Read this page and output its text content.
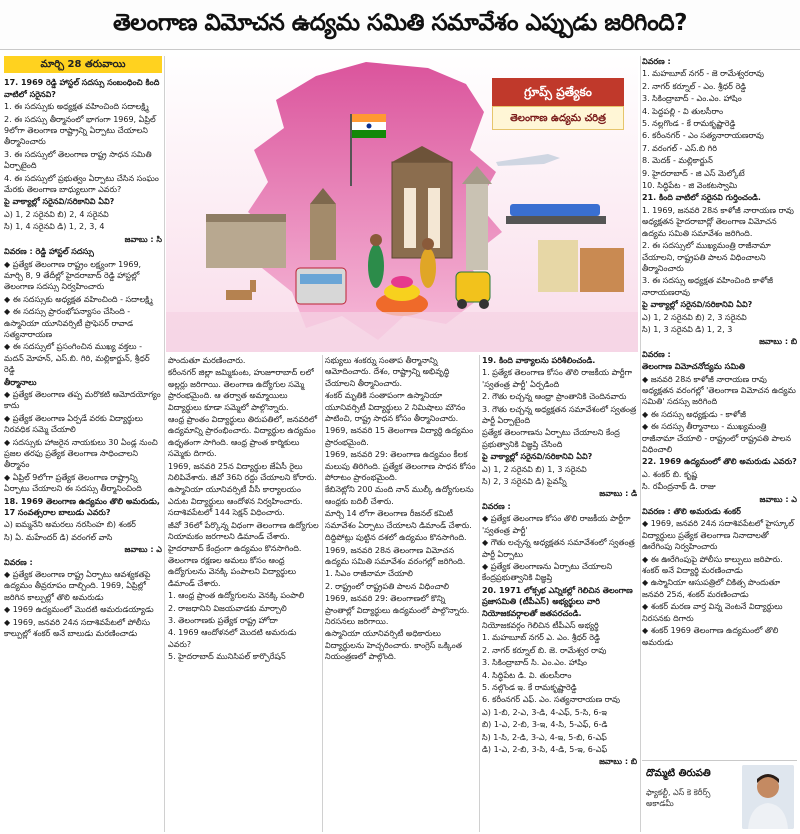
తెలంగాణ విమోచన ఉద్యమ సమితి సమావేశం ఎప్పుడు జరిగింది?
మార్చి 28 తరువాయి

17. 1969 రెడ్డి హాస్టల్ సదస్సు సంబంధించి కింది వాటిలో సరైనవి?

1. ఈ సదస్సుకు అధ్యక్షత వహించింది సదాలక్ష్మి

2. ఈ సదస్సు తీర్మానంలో భాగంగా 1969, ఏప్రిల్ 9లోగా తెలంగాణ రాష్ట్రాన్ని ఏర్పాటు చేయాలని తీర్మానించారు

3. ఈ సదస్సులో తెలంగాణ రాష్ట్ర సాధన సమితి ఏర్పాటైంది

4. ఈ సదస్సులో ప్రభుత్వం ఏర్పాటు చేసిన సంఘం మేరకు తెలంగాణ బాధ్యులుగా ఎవరు?

పై వాక్యాల్లో సరైనవి/సరికానివి ఏవి?

ఎ) 1, 2 సరైనవి బి) 2, 4 సరైనవి

సి) 1, 4 సరైనవి డి) 1, 2, 3, 4

జవాబు : సి

వివరణ : రెడ్డి హాస్టల్ సదస్సు

◆ ప్రత్యేక తెలంగాణ రాష్ట్రం లక్ష్యంగా 1969, మార్చి 8, 9 తేదీల్లో హైదరాబాద్ రెడ్డి హాస్టల్లో తెలంగాణ సదస్సు నిర్వహించారు

◆ ఈ సదస్సుకు అధ్యక్షత వహించింది - సదాలక్ష్మి

◆ ఈ సదస్సు ప్రారంభోపన్యాసం చేసింది - ఉస్మానియా యూనివర్సిటీ ప్రొఫెసర్ రావాడ సత్యనారాయణ

◆ ఈ సదస్సులో ప్రసంగించిన ముఖ్య వక్తలు - మదన్ మోహన్, ఎస్.బి. గిరి, మల్లికార్జున్, శ్రీధర్ రెడ్డి

తీర్మానాలు

◆ ప్రత్యేక తెలంగాణ తప్ప మరొకటి ఆమోదయోగ్యం కాదు

◆ ప్రత్యేక తెలంగాణ ఏర్పడే వరకు విద్యార్థులు నిరవధిక సమ్మె చేయాలి

◆ సదస్సుకు హాజరైన నాయకులు 30 ఏండ్ల నుంచి ప్రజల తరఫు ప్రత్యేక తెలంగాణ సాధించాలని తీర్మానం

◆ ఏప్రిల్ 9లోగా ప్రత్యేక తెలంగాణ రాష్ట్రాన్ని ఏర్పాటు చేయాలని ఈ సదస్సు తీర్మానించింది

18. 1969 తెలంగాణ ఉద్యమం తొలి అమరుడు, 17 సంవత్సరాల బాలుడు ఎవరు?

ఎ) ఐమ్మనేని అమరలు నరసింహ బి) శంకర్

సి) ఏ. మహేందర్ డి) వరంగల్ వాసి

జవాబు : ఎ

వివరణ :

◆ ప్రత్యేక తెలంగాణ రాష్ట్ర ఏర్పాటు ఆవశ్యకతపై ఉద్యమం తీవ్రరూపం దాల్చింది. 1969, ఏప్రిల్లో జరిగిన కాల్పుల్లో తొలి అమరుడు

◆ 1969 ఉద్యమంలో మొదటి అమరుడయ్యాడు

◆ 1969, జనవరి 24న సదాశివపేటలో పోలీసు కాల్పుల్లో శంకర్ అనే బాలుడు మరణించాడు

గ్రూప్స్ ప్రత్యేకం
తెలంగాణ ఉద్యమ చరిత్ర

పొందుతూ మరణించారు.

కరీంనగర్ జిల్లా జమ్మికుంట, హుజూరాబాద్ లలో అల్లర్లు జరిగాయి. తెలంగాణ ఉద్యోగుల సమ్మె ప్రారంభమైంది. ఆ తర్వాత అమ్మాయిలు విద్యార్థులు కూడా సమ్మెలో పాల్గొన్నారు.

ఆంధ్ర ప్రాంతం విద్యార్థులు తిరుపతిలో, జనవరిలో ఉద్యమాన్ని ప్రారంభించారు. విద్యార్థుల ఉద్యమం ఉధృతంగా సాగింది. ఆంధ్ర ప్రాంత కార్మికులు సమ్మెకు దిగారు.

1969, జనవరి 25న విద్యార్థుల జేఏసీ రైలు నిలిపివేశారు. జీవో 36ని రద్దు చేయాలని కోరారు.

ఉస్మానియా యూనివర్సిటీ వీసీ కార్యాలయం ఎదుట విద్యార్థులు ఆందోళన నిర్వహించారు. సదాశివపేటలో 144 సెక్షన్ విధించారు.

జీవో 36లో పేర్కొన్న విధంగా తెలంగాణ ఉద్యోగుల నియామకం జరగాలని డిమాండ్ చేశారు. హైదరాబాద్ కేంద్రంగా ఉద్యమం కొనసాగింది.

తెలంగాణ రక్షణల అమలు కోసం ఆంధ్ర ఉద్యోగులను వెనక్కి పంపాలని విద్యార్థులు డిమాండ్ చేశారు.

1. ఆంధ్ర ప్రాంత ఉద్యోగులను వెనక్కి పంపాలి

2. రాజధానిని విజయవాడకు మార్చాలి

3. తెలంగాణకు ప్రత్యేక రాష్ట్ర హోదా

4. 1969 ఆందోళనలో మొదటి అమరుడు ఎవరు?

5. హైదరాబాద్ మునిసిపల్ కార్పొరేషన్

సభ్యులు శంకర్ను సంతాప తీర్మానాన్ని ఆమోదించారు. దేశం, రాష్ట్రాన్ని అభివృద్ధి చేయాలని తీర్మానించారు.

శంకర్ మృతికి సంతాపంగా ఉస్మానియా యూనివర్సిటీ విద్యార్థులు 2 నిమిషాలు మౌనం పాటించి, రాష్ట్ర సాధన కోసం తీర్మానించారు.

1969, జనవరి 15 తెలంగాణ విద్యార్థి ఉద్యమం ప్రారంభమైంది.

1969, జనవరి 29: తెలంగాణ ఉద్యమం కీలక మలుపు తిరిగింది. ప్రత్యేక తెలంగాణ సాధన కోసం పోరాటం ప్రారంభమైంది.

కేబినెట్లోని 200 మంది నాన్ ముల్కీ ఉద్యోగులను ఆంధ్రకు బదిలీ చేశారు.

మార్చి 14 లోగా తెలంగాణ రీజనల్ కమిటీ సమావేశం ఏర్పాటు చేయాలని డిమాండ్ చేశారు.

దిద్దిపోట్లు పుట్టిన దశలో ఉద్యమం కొనసాగింది.

1969, జనవరి 28న తెలంగాణ విమోచన ఉద్యమ సమితి సమావేశం వరంగల్లో జరిగింది.

1. సిఎం రాజీనామా చేయాలి

2. రాష్ట్రంలో రాష్ట్రపతి పాలన విధించాలి

1969, జనవరి 29: తెలంగాణలో కొన్ని ప్రాంతాల్లో విద్యార్థులు ఉద్యమంలో పాల్గొన్నారు. నిరసనలు జరిగాయి.

ఉస్మానియా యూనివర్సిటీ అధికారులు విద్యార్థులను హెచ్చరించారు. కాంగ్రెస్ ఒక్కింత నియంత్రణలో పాల్గొంది.

19. కింది వాక్యాలను పరిశీలించండి.

1. ప్రత్యేక తెలంగాణ కోసం తొలి రాజకీయ పార్టీగా 'స్వతంత్ర పార్టీ' ఏర్పడింది

2. గౌతు లచ్చన్న ఆంధ్రా ప్రాంతానికి చెందినవారు

3. గౌతు లచ్చన్న అధ్యక్షతన సమావేశంలో స్వతంత్ర పార్టీ ఏర్పాటైంది

ప్రత్యేక తెలంగాణను ఏర్పాటు చేయాలని కేంద్ర ప్రభుత్వానికి విజ్ఞప్తి చేసింది

పై వాక్యాల్లో సరైనవి/సరికానివి ఏవి?

ఎ) 1, 2 సరైనవి బి) 1, 3 సరైనవి

సి) 2, 3 సరైనవి డి) పైవన్నీ

జవాబు : డి

వివరణ :

◆ ప్రత్యేక తెలంగాణ కోసం తొలి రాజకీయ పార్టీగా 'స్వతంత్ర పార్టీ'

◆ గౌతు లచ్చన్న అధ్యక్షతన సమావేశంలో స్వతంత్ర పార్టీ ఏర్పాటు

◆ ప్రత్యేక తెలంగాణను ఏర్పాటు చేయాలని కేంద్రప్రభుత్వానికి విజ్ఞప్తి

20. 1971 లోక్సభ ఎన్నికల్లో గెలిచిన తెలంగాణ ప్రజాసమితి (టీపీఎస్) అభ్యర్థులు వారి నియోజకవర్గాలతో జతపరచండి.

నియోజకవర్గం గెలిచిన టీపీఎస్ అభ్యర్థి

1. మహబూబ్ నగర్ ఎ. ఎం. శ్రీధర్ రెడ్డి

2. నాగర్ కర్నూల్ బి. జె. రామేశ్వర రావు

3. సికింద్రాబాద్ సి. ఎం.ఎం. హాషిం

4. సిద్ధిపేట డి. వి. తులసీరాం

5. నల్గొండ ఇ. కే రామకృష్ణారెడ్డి

6. కరీంనగర్ ఎఫ్. ఎం. సత్యనారాయణ రావు

ఎ) 1-బి, 2-ఎ, 3-డి, 4-ఎఫ్, 5-సి, 6-ఇ

బి) 1-ఎ, 2-బి, 3-ఇ, 4-సి, 5-ఎఫ్, 6-డి

సి) 1-సి, 2-డి, 3-ఎ, 4-ఇ, 5-బి, 6-ఎఫ్

డి) 1-ఎ, 2-బి, 3-సి, 4-డి, 5-ఇ, 6-ఎఫ్

జవాబు : బి

వివరణ :

1. మహబూబ్ నగర్ - జె రామేశ్వరరావు

2. నాగర్ కర్నూల్ - ఎం. శ్రీధర్ రెడ్డి

3. సికింద్రాబాద్ - ఎం.ఎం. హాషిం

4. పెద్దపల్లి - వి తులసీరాం

5. నల్లగొండ - కే రామకృష్ణారెడ్డి

6. కరీంనగర్ - ఎం సత్యనారాయణరావు

7. వరంగల్ - ఎస్.బి గిరి

8. మెదక్ - మల్లికార్జున్

9. హైదరాబాద్ - జి ఎస్ మెల్కోటే

10. సిద్ధిపేట - జి వెంకటస్వామి

21. కింది వాటిలో సరైనవి గుర్తించండి.

1. 1969, జనవరి 28న కాళోజీ నారాయణ రావు అధ్యక్షతన హైదరాబాద్లో తెలంగాణ విమోచన ఉద్యమ సమితి సమావేశం జరిగింది.

2. ఈ సదస్సులో ముఖ్యమంత్రి రాజీనామా చేయాలని, రాష్ట్రపతి పాలన విధించాలని తీర్మానించారు

3. ఈ సదస్సు అధ్యక్షత వహించింది కాళోజీ నారాయణరావు

పై వాక్యాల్లో సరైనవి/సరికానివి ఏవి?

ఎ) 1, 2 సరైనవి బి) 2, 3 సరైనవి

సి) 1, 3 సరైనవి డి) 1, 2, 3

జవాబు : బి

వివరణ :

తెలంగాణ విమోచనోద్యమ సమితి

◆ జనవరి 28న కాళోజీ నారాయణ రావు అధ్యక్షతన వరంగల్లో 'తెలంగాణ విమోచన ఉద్యమ సమితి' సదస్సు జరిగింది

◆ ఈ సదస్సు అధ్యక్షుడు - కాళోజీ

◆ ఈ సదస్సు తీర్మానాలు - ముఖ్యమంత్రి రాజీనామా చేయాలి - రాష్ట్రంలో రాష్ట్రపతి పాలన విధించాలి

22. 1969 ఉద్యమంలో తొలి అమరుడు ఎవరు?

ఎ. శంకర్ బి. కృష్ణ

సి. రవీంద్రనాథ్ డి. రాజు

జవాబు : ఎ

వివరణ : తొలి అమరుడు శంకర్

◆ 1969, జనవరి 24న సదాశివపేటలో హైస్కూల్ విద్యార్థులు ప్రత్యేక తెలంగాణ నినాదాలతో ఊరేగింపు నిర్వహించారు

◆ ఈ ఊరేగింపుపై పోలీసు కాల్పులు జరిపారు. శంకర్ అనే విద్యార్థి మరణించాడు

◆ ఉస్మానియా ఆసుపత్రిలో చికిత్స పొందుతూ జనవరి 25న, శంకర్ మరణించాడు

◆ శంకర్ మరణ వార్త విన్న వెంటనే విద్యార్థులు నిరసనకు దిగారు

◆ శంకర్ 1969 తెలంగాణ ఉద్యమంలో తొలి అమరుడు

దొమ్మటి తిరుపతి
ఫ్యాకల్టీ, ఎస్ కె కెరీర్స్ అకాడమీ
